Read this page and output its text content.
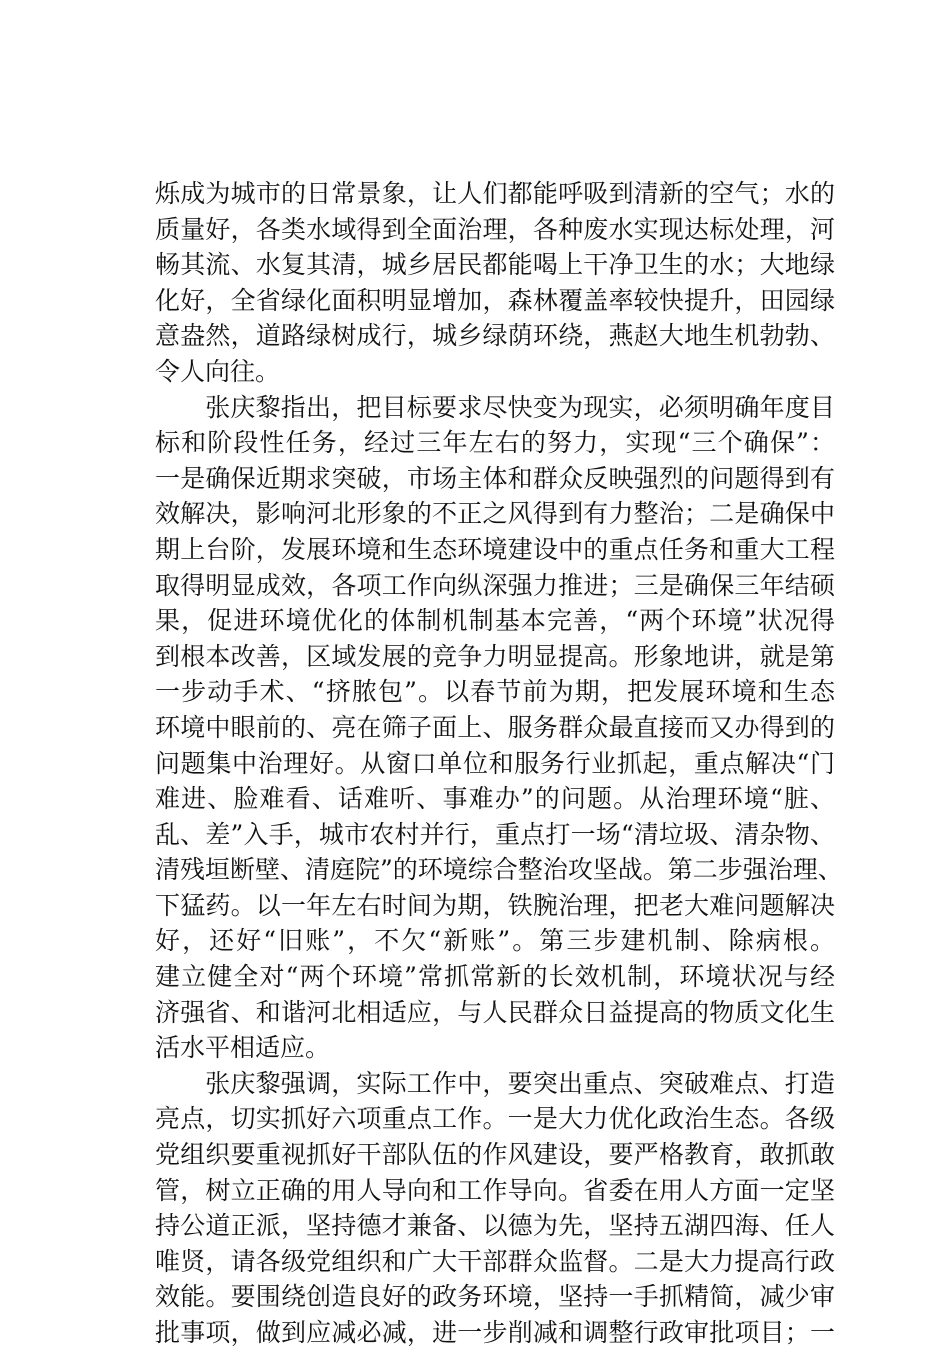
烁成为城市的日常景象，让人们都能呼吸到清新的空气；水的
质量好，各类水域得到全面治理，各种废水实现达标处理，河
畅其流、水复其清，城乡居民都能喝上干净卫生的水；大地绿
化好，全省绿化面积明显增加，森林覆盖率较快提升，田园绿
意盎然，道路绿树成行，城乡绿荫环绕，燕赵大地生机勃勃、
令人向往。
　张庆黎指出，把目标要求尽快变为现实，必须明确年度目
标和阶段性任务，经过三年左右的努力，实现“三个确保”：
一是确保近期求突破，市场主体和群众反映强烈的问题得到有
效解决，影响河北形象的不正之风得到有力整治；二是确保中
期上台阶，发展环境和生态环境建设中的重点任务和重大工程
取得明显成效，各项工作向纵深强力推进；三是确保三年结硕
果，促进环境优化的体制机制基本完善，“两个环境”状况得
到根本改善，区域发展的竞争力明显提高。形象地讲，就是第
一步动手术、“挤脓包”。以春节前为期，把发展环境和生态
环境中眼前的、亮在筛子面上、服务群众最直接而又办得到的
问题集中治理好。从窗口单位和服务行业抓起，重点解决“门
难进、脸难看、话难听、事难办”的问题。从治理环境“脏、
乱、差”入手，城市农村并行，重点打一场“清垃圾、清杂物、
清残垣断壁、清庭院”的环境综合整治攻坚战。第二步强治理、
下猛药。以一年左右时间为期，铁腕治理，把老大难问题解决
好，还好“旧账”，不欠“新账”。第三步建机制、除病根。
建立健全对“两个环境”常抓常新的长效机制，环境状况与经
济强省、和谐河北相适应，与人民群众日益提高的物质文化生
活水平相适应。
　张庆黎强调，实际工作中，要突出重点、突破难点、打造
亮点，切实抓好六项重点工作。一是大力优化政治生态。各级
党组织要重视抓好干部队伍的作风建设，要严格教育，敢抓敢
管，树立正确的用人导向和工作导向。省委在用人方面一定坚
持公道正派，坚持德才兼备、以德为先，坚持五湖四海、任人
唯贤，请各级党组织和广大干部群众监督。二是大力提高行政
效能。要围绕创造良好的政务环境，坚持一手抓精简，减少审
批事项，做到应减必减，进一步削减和调整行政审批项目；一
